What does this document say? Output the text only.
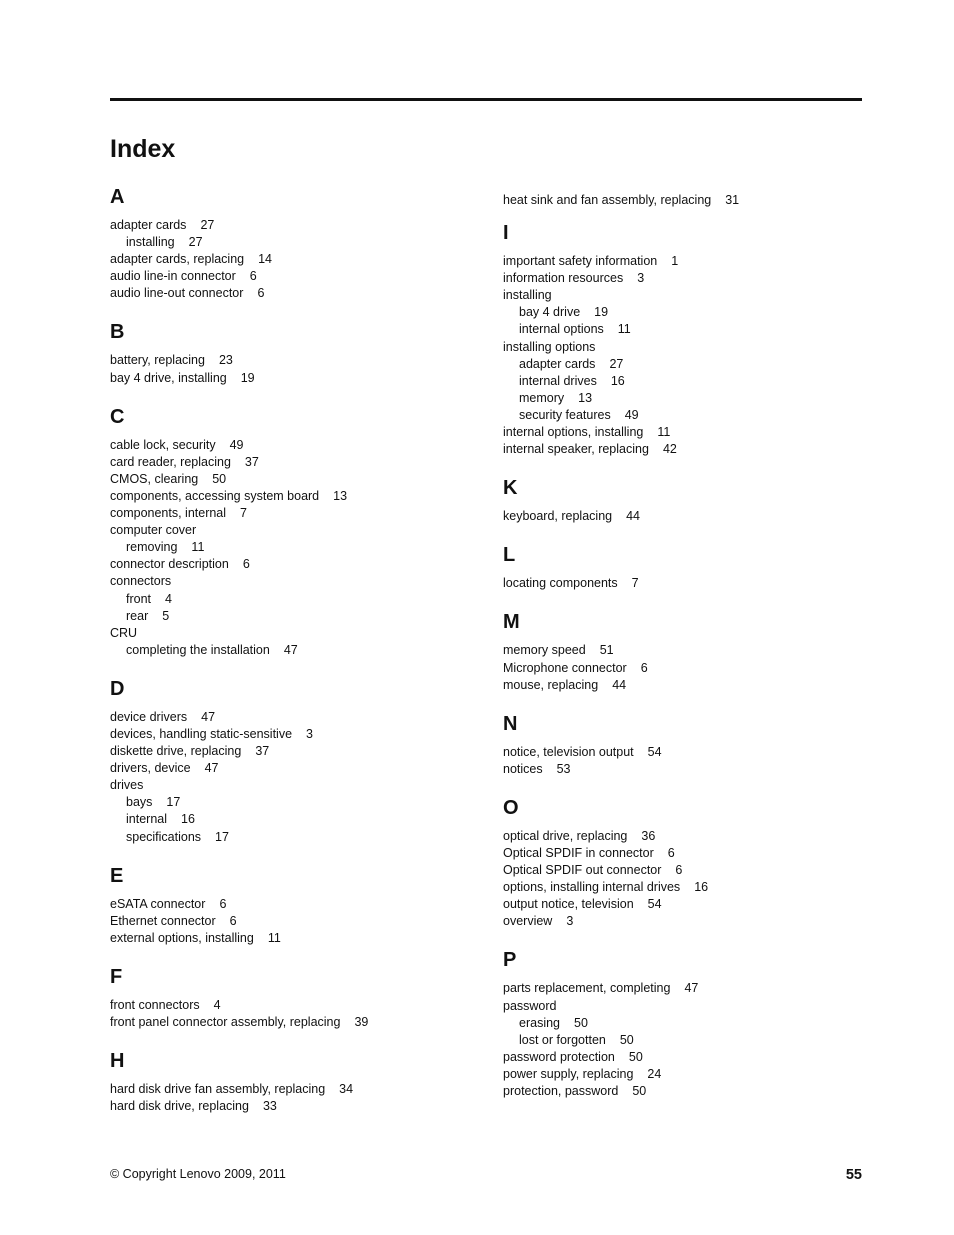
Index
A
adapter cards 27
installing 27
adapter cards, replacing 14
audio line-in connector 6
audio line-out connector 6
B
battery, replacing 23
bay 4 drive, installing 19
C
cable lock, security 49
card reader, replacing 37
CMOS, clearing 50
components, accessing system board 13
components, internal 7
computer cover
removing 11
connector description 6
connectors
front 4
rear 5
CRU
completing the installation 47
D
device drivers 47
devices, handling static-sensitive 3
diskette drive, replacing 37
drivers, device 47
drives
bays 17
internal 16
specifications 17
E
eSATA connector 6
Ethernet connector 6
external options, installing 11
F
front connectors 4
front panel connector assembly, replacing 39
H
hard disk drive fan assembly, replacing 34
hard disk drive, replacing 33
heat sink and fan assembly, replacing 31
I
important safety information 1
information resources 3
installing
bay 4 drive 19
internal options 11
installing options
adapter cards 27
internal drives 16
memory 13
security features 49
internal options, installing 11
internal speaker, replacing 42
K
keyboard, replacing 44
L
locating components 7
M
memory speed 51
Microphone connector 6
mouse, replacing 44
N
notice, television output 54
notices 53
O
optical drive, replacing 36
Optical SPDIF in connector 6
Optical SPDIF out connector 6
options, installing internal drives 16
output notice, television 54
overview 3
P
parts replacement, completing 47
password
erasing 50
lost or forgotten 50
password protection 50
power supply, replacing 24
protection, password 50
© Copyright Lenovo 2009, 2011	55
